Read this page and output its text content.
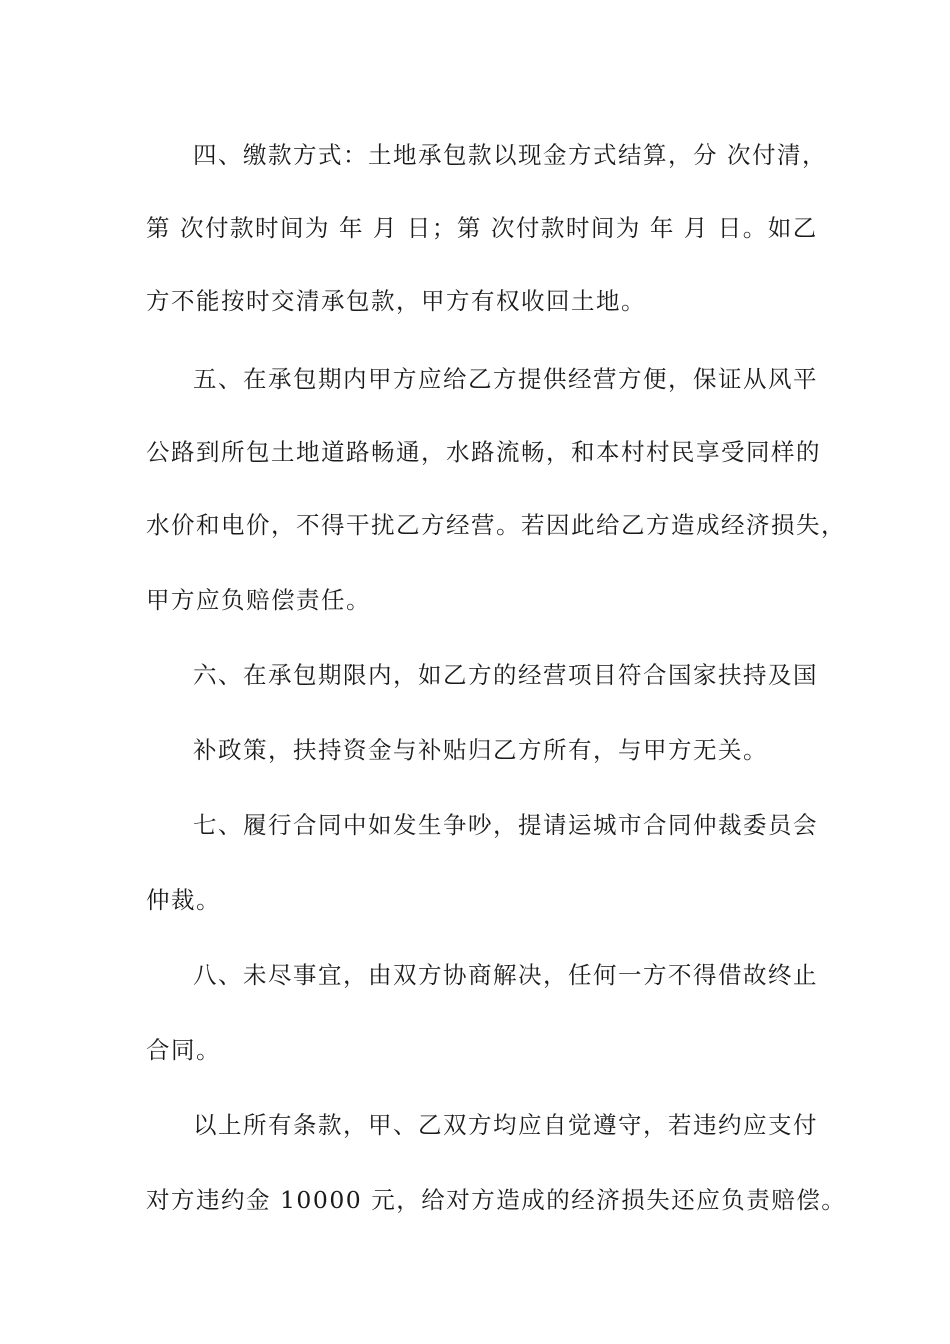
四、缴款方式：土地承包款以现金方式结算，分 次付清，
第 次付款时间为 年 月 日；第 次付款时间为 年 月 日。如乙
方不能按时交清承包款，甲方有权收回土地。
五、在承包期内甲方应给乙方提供经营方便，保证从风平
公路到所包土地道路畅通，水路流畅，和本村村民享受同样的
水价和电价，不得干扰乙方经营。若因此给乙方造成经济损失，
甲方应负赔偿责任。
六、在承包期限内，如乙方的经营项目符合国家扶持及国
补政策，扶持资金与补贴归乙方所有，与甲方无关。
七、履行合同中如发生争吵，提请运城市合同仲裁委员会
仲裁。
八、未尽事宜，由双方协商解决，任何一方不得借故终止
合同。
以上所有条款，甲、乙双方均应自觉遵守，若违约应支付
对方违约金 10000 元，给对方造成的经济损失还应负责赔偿。
